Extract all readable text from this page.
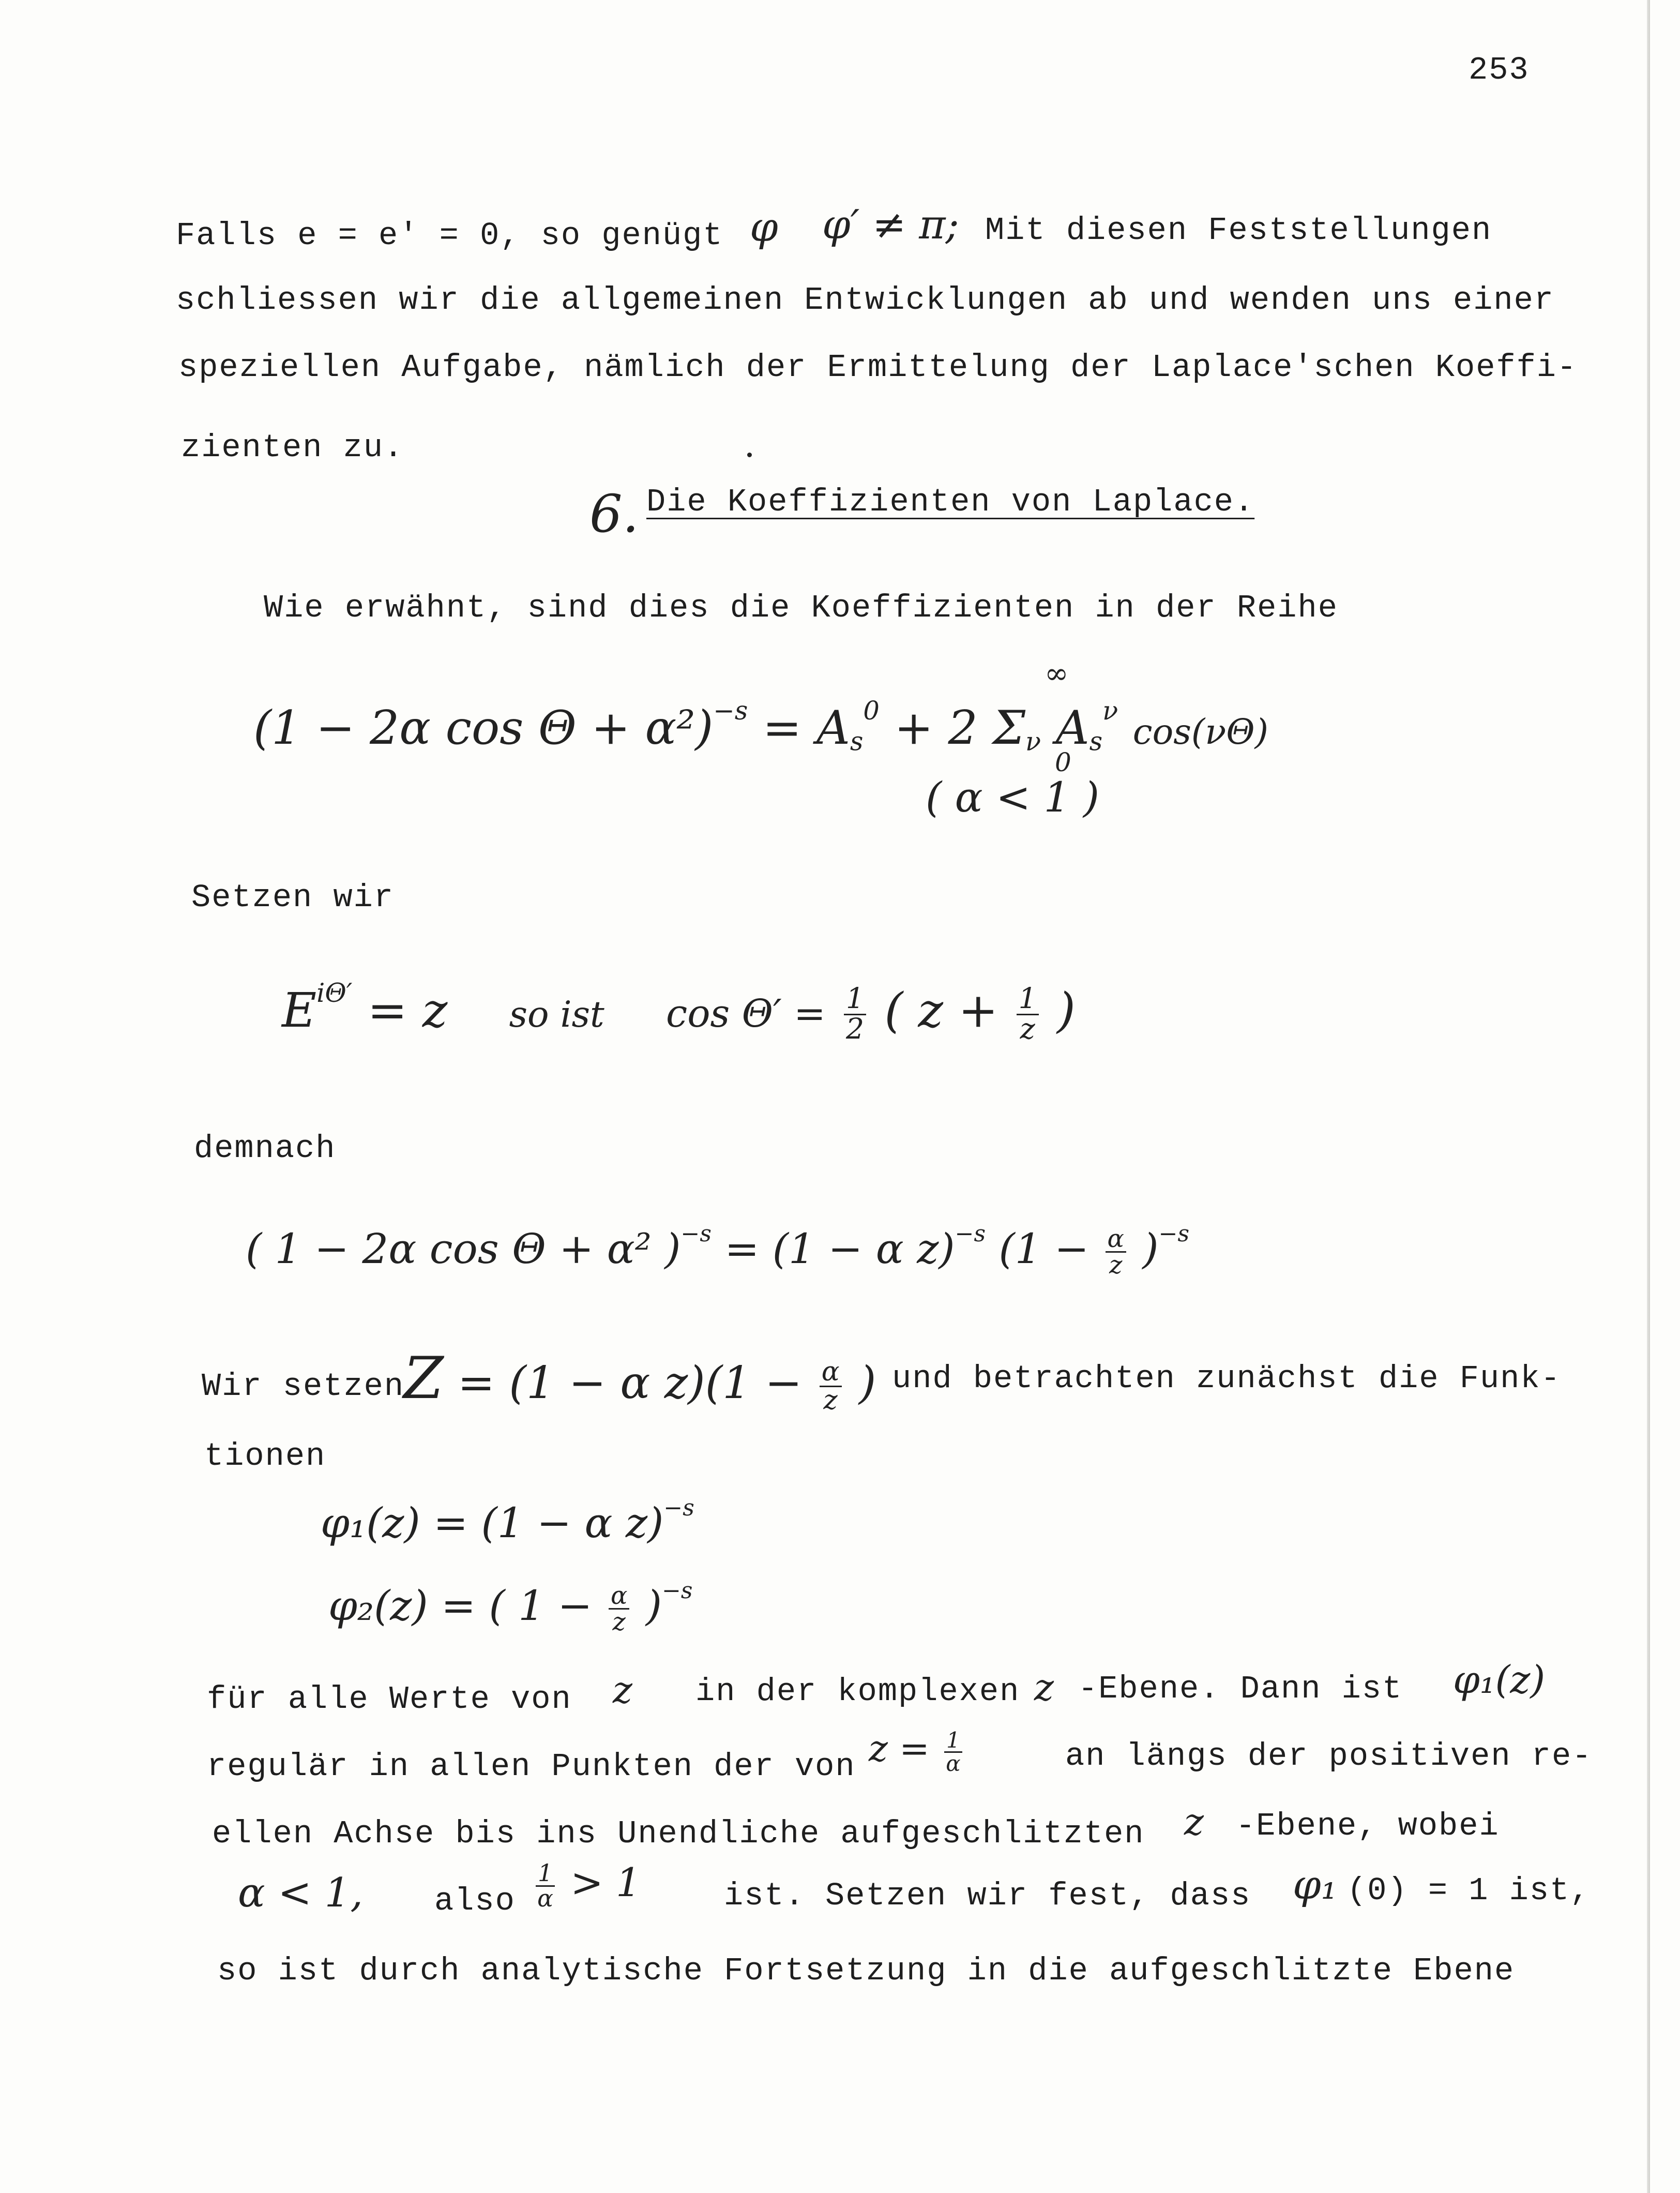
253
Falls e = e' = 0, so genügt φ φ′ ≠ π; Mit diesen Feststellungen
schliessen wir die allgemeinen Entwicklungen ab und wenden uns einer
speziellen Aufgabe, nämlich der Ermittelung der Laplace'schen Koeffi-
zienten zu.
6. Die Koeffizienten von Laplace.
Wie erwähnt, sind dies die Koeffizienten in der Reihe
(1 − 2α $\cos \Theta + \alpha^2)^{-s} = A_s^0 + 2$ $\Sigma_\nu$ $A_s^\nu$ cos(νΘ)
∞
0
( α < 1 )
Setzen wir
$E^{i\Theta'} = z$ so ist $\cos \Theta' = \frac{1}{2}$ ( $z + \frac{1}{z}$ )
demnach
( 1 − 2α cos Θ + α² )$^{-s}$ = (1 − α z)$^{-s}$ $(1 - \frac{\alpha}{z} )^{-s}$
Wir setzen
Z = (1 − α $z)(1 - \frac{\alpha}{z}$ ) und betrachten zunächst die Funk-
tionen
φ₁(z) = (1 − α z)$^{-s}$
φ₂(z) = ( $1 - \frac{\alpha}{z} )^{-s}$
für alle Werte von z in der komplexen z -Ebene. Dann ist φ₁(z)
regulär in allen Punkten der von $z = \frac{1}{\alpha}$	an längs der positiven re-
ellen Achse bis ins Unendliche aufgeschlitzten z -Ebene, wobei
α < 1, also $\frac{1}{\alpha} > 1$	ist. Setzen wir fest, dass φ₁ (0) = 1 ist,
so ist durch analytische Fortsetzung in die aufgeschlitzte Ebene
